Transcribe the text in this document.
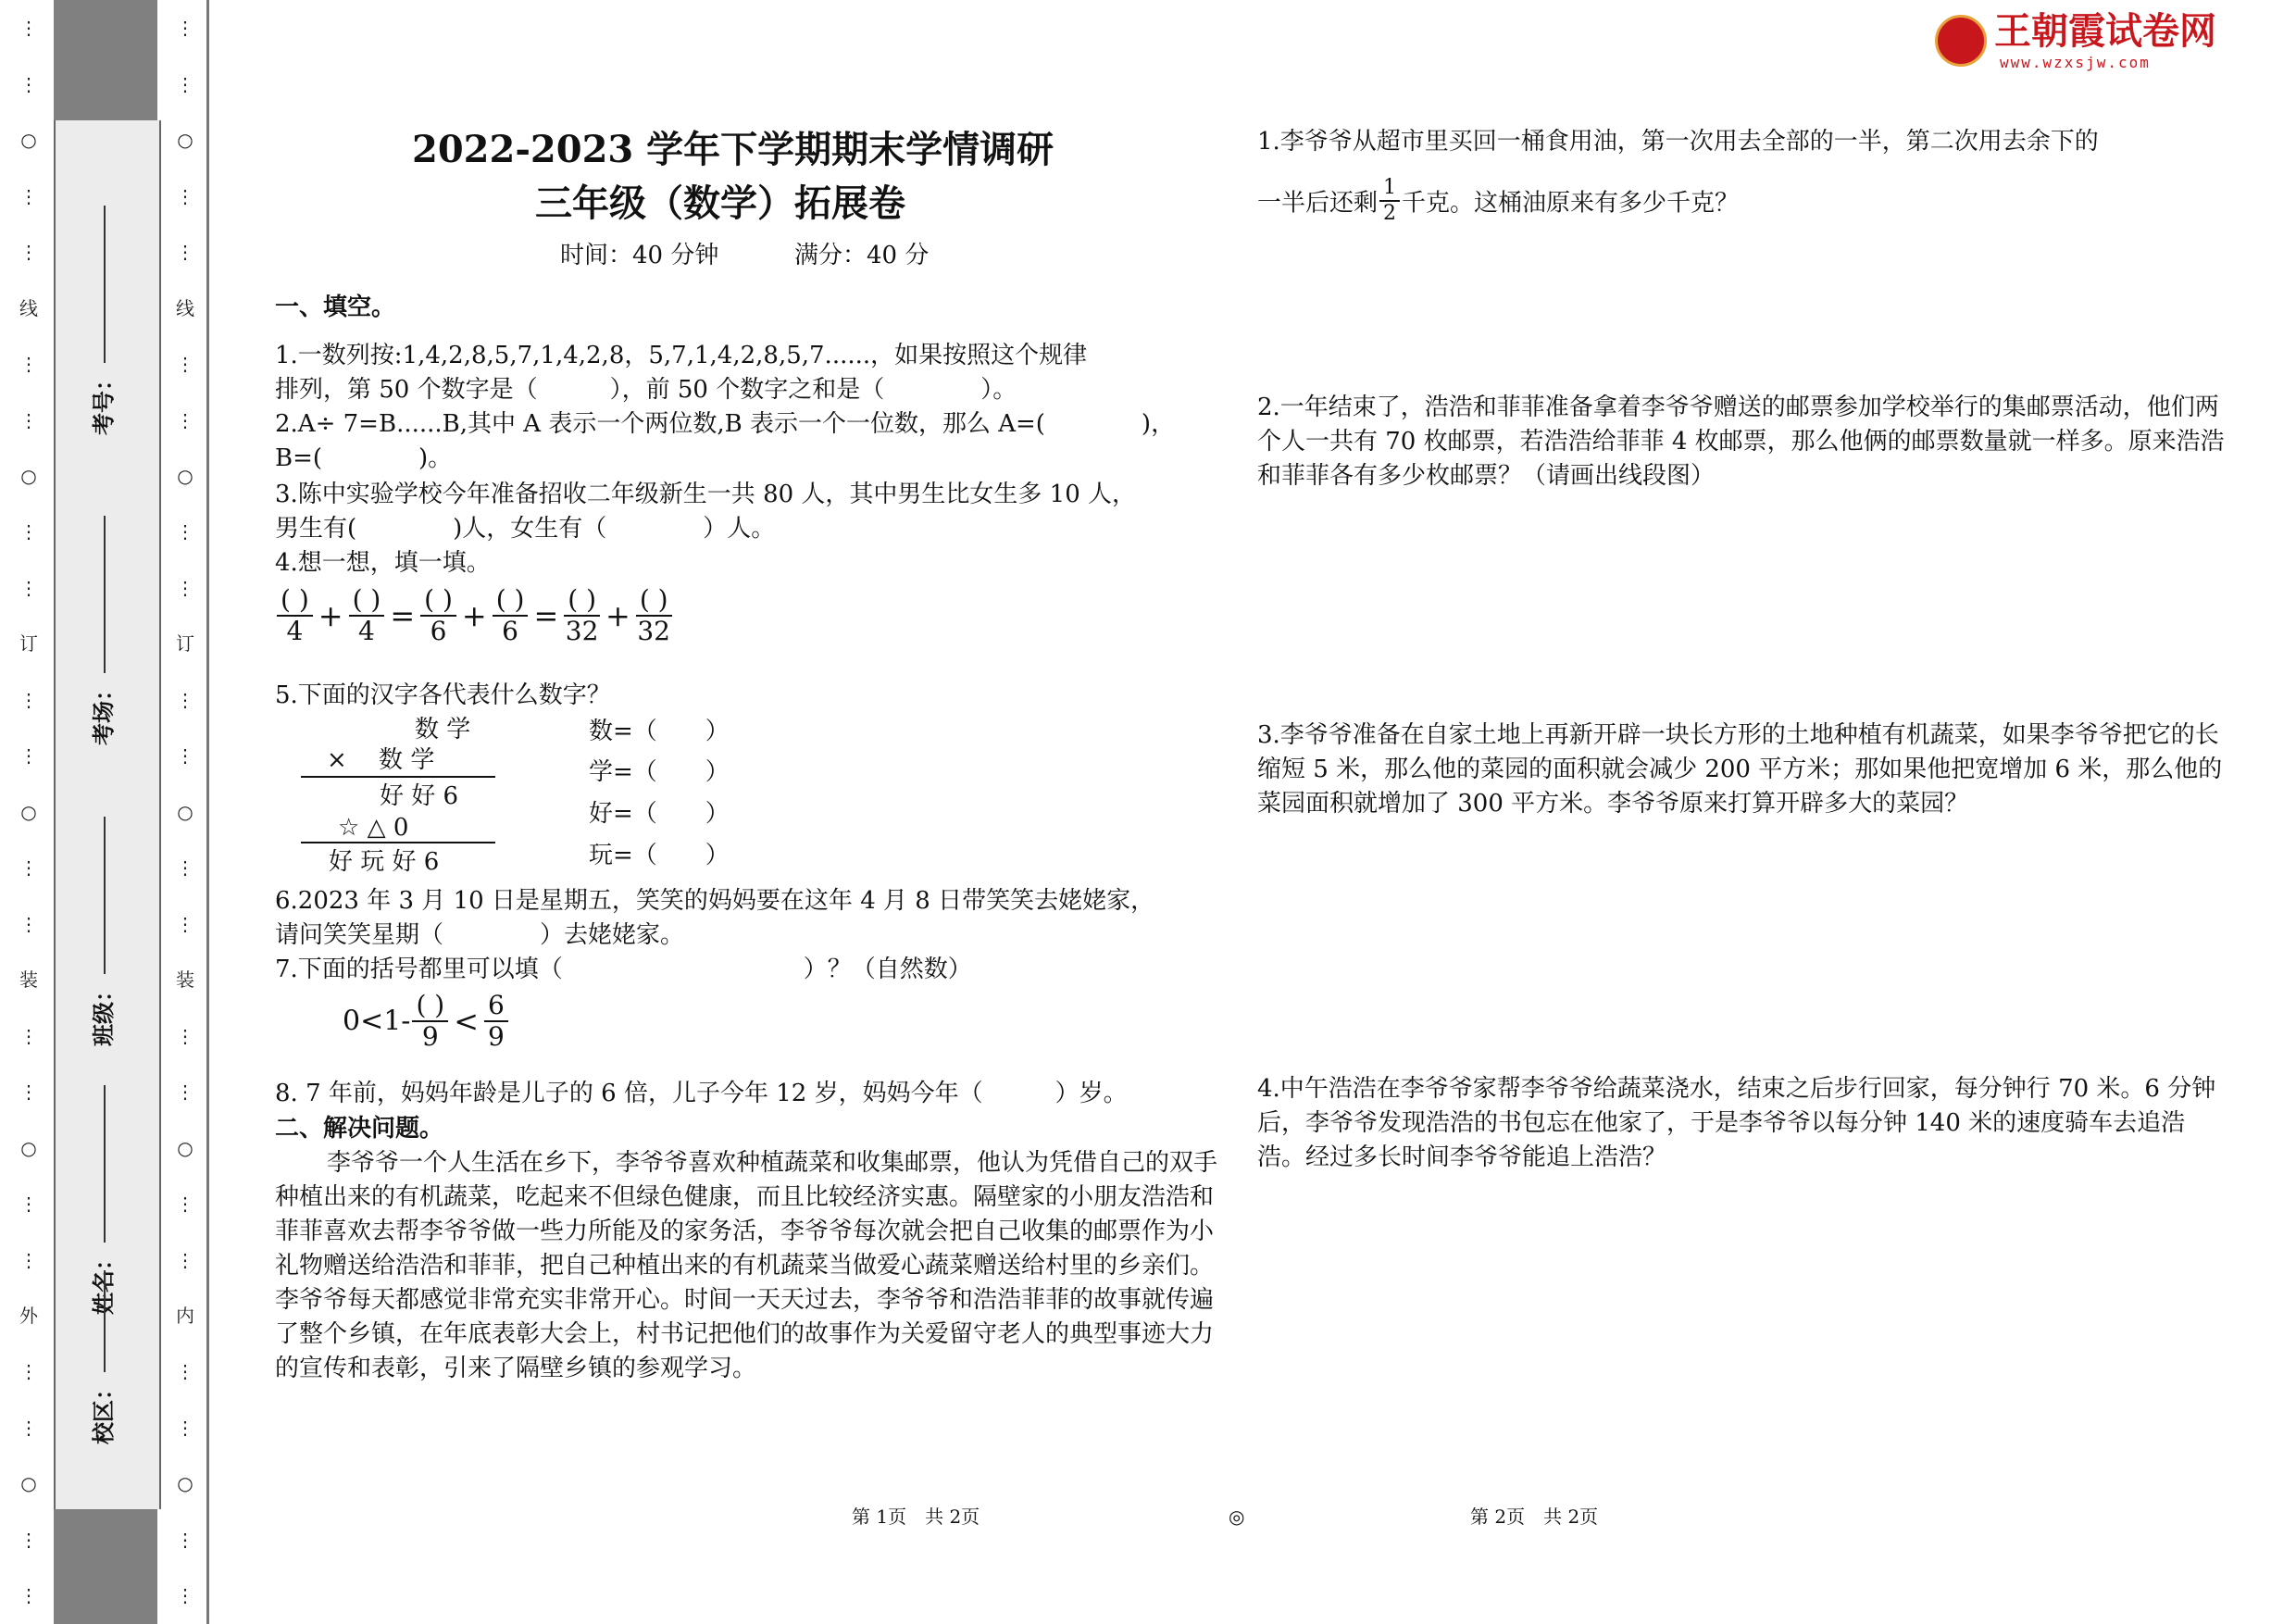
⋮
⋮
○
⋮
⋮
线
⋮
⋮
○
⋮
⋮
订
⋮
⋮
○
⋮
⋮
装
⋮
⋮
○
⋮
⋮
外
⋮
⋮
○
⋮
⋮
考号：
考场：
班级：
姓名：
校区：
⋮
⋮
○
⋮
⋮
线
⋮
⋮
○
⋮
⋮
订
⋮
⋮
○
⋮
⋮
装
⋮
⋮
○
⋮
⋮
内
⋮
⋮
○
⋮
⋮
王朝霞试卷网
www.wzxsjw.com
2022-2023 学年下学期期末学情调研
三年级（数学）拓展卷
时间：40 分钟	满分：40 分
一、填空。
1.一数列按:1,4,2,8,5,7,1,4,2,8，5,7,1,4,2,8,5,7......，如果按照这个规律
排列，第 50 个数字是（　　　），前 50 个数字之和是（　　　　）。
2.A÷ 7=B......B,其中 A 表示一个两位数,B 表示一个一位数，那么 A=(　　　　)，
B=(　　　　)。
3.陈中实验学校今年准备招收二年级新生一共 80 人，其中男生比女生多 10 人，
男生有(　　　　)人，女生有（　　　　）人。
4.想一想，填一填。
$\frac{( )}{4} + \frac{( )}{4} = \frac{( )}{6} + \frac{( )}{6} = \frac{( )}{32} + \frac{( )}{32}$
5.下面的汉字各代表什么数字？
数 学
× 　数 学
好 好 6
☆ △ 0
好 玩 好 6
数=（　　）
学=（　　）
好=（　　）
玩=（　　）
6.2023 年 3 月 10 日是星期五，笑笑的妈妈要在这年 4 月 8 日带笑笑去姥姥家，
请问笑笑星期（　　　　）去姥姥家。
7.下面的括号都里可以填（　　　　　　　　　　）？（自然数）
$0<1- \frac{( )}{9} < \frac{6}{9}$
8. 7 年前，妈妈年龄是儿子的 6 倍，儿子今年 12 岁，妈妈今年（　　　）岁。
二、解决问题。
李爷爷一个人生活在乡下，李爷爷喜欢种植蔬菜和收集邮票，他认为凭借自己的双手种植出来的有机蔬菜，吃起来不但绿色健康，而且比较经济实惠。隔壁家的小朋友浩浩和菲菲喜欢去帮李爷爷做一些力所能及的家务活，李爷爷每次就会把自己收集的邮票作为小礼物赠送给浩浩和菲菲，把自己种植出来的有机蔬菜当做爱心蔬菜赠送给村里的乡亲们。李爷爷每天都感觉非常充实非常开心。时间一天天过去，李爷爷和浩浩菲菲的故事就传遍了整个乡镇，在年底表彰大会上，村书记把他们的故事作为关爱留守老人的典型事迹大力的宣传和表彰，引来了隔壁乡镇的参观学习。
1.李爷爷从超市里买回一桶食用油，第一次用去全部的一半，第二次用去余下的
一半后还剩 $\frac{1}{2}$ 千克。这桶油原来有多少千克？
2.一年结束了，浩浩和菲菲准备拿着李爷爷赠送的邮票参加学校举行的集邮票活动，他们两个人一共有 70 枚邮票，若浩浩给菲菲 4 枚邮票，那么他俩的邮票数量就一样多。原来浩浩和菲菲各有多少枚邮票？（请画出线段图）
3.李爷爷准备在自家土地上再新开辟一块长方形的土地种植有机蔬菜，如果李爷爷把它的长缩短 5 米，那么他的菜园的面积就会减少 200 平方米；那如果他把宽增加 6 米，那么他的菜园面积就增加了 300 平方米。李爷爷原来打算开辟多大的菜园？
4.中午浩浩在李爷爷家帮李爷爷给蔬菜浇水，结束之后步行回家，每分钟行 70 米。6 分钟后，李爷爷发现浩浩的书包忘在他家了，于是李爷爷以每分钟 140 米的速度骑车去追浩浩。经过多长时间李爷爷能追上浩浩？
第 1页　共 2页	◎	第 2页　共 2页
